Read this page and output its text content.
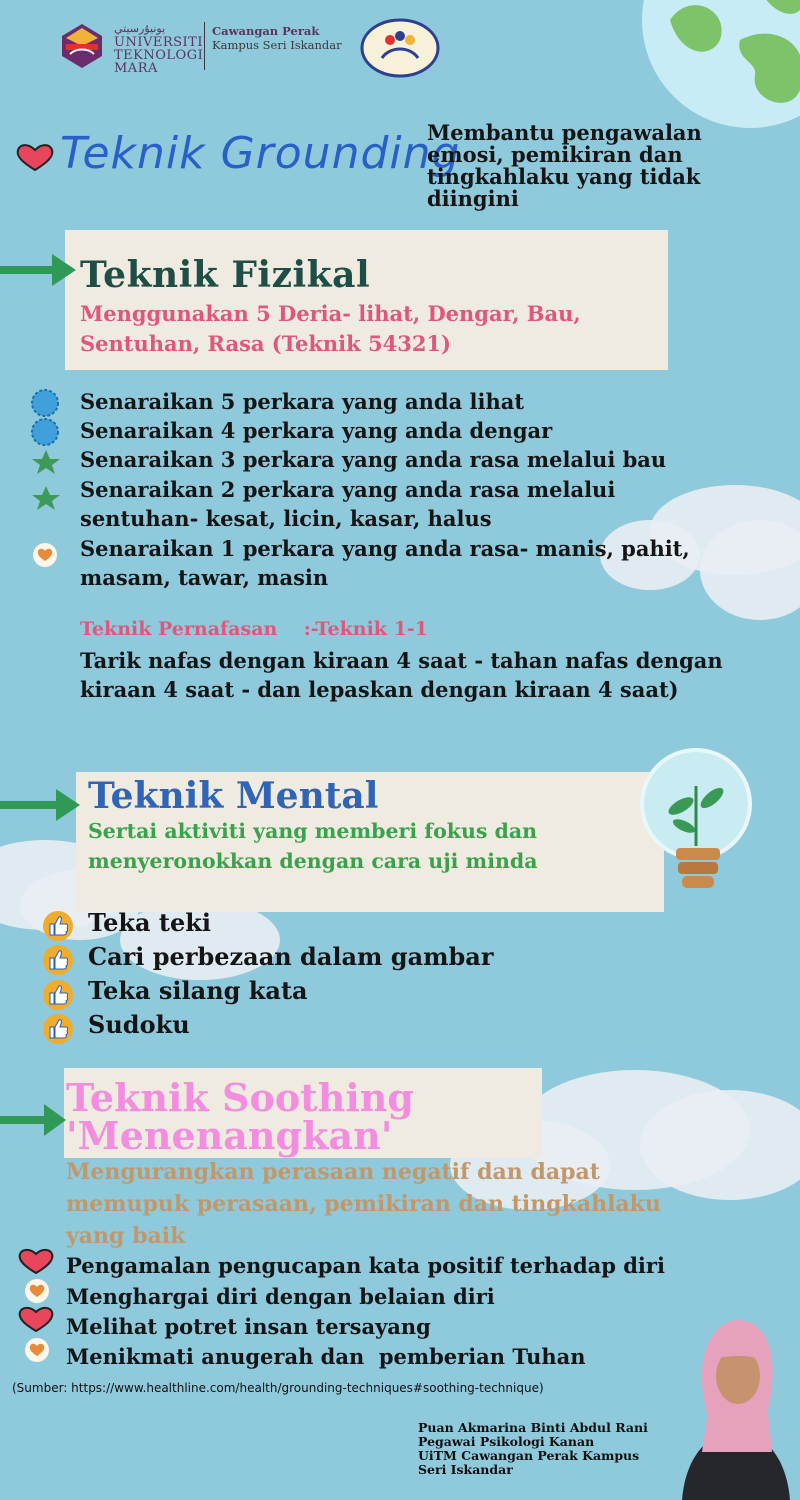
‎ﻳﻮﻧﻴﯘﺭﺳﻴﺘﻲ
UNIVERSITI
TEKNOLOGI
MARA
Cawangan Perak
Kampus Seri Iskandar
Teknik Grounding
Membantu pengawalan emosi, pemikiran dan tingkahlaku yang tidak diingini
Teknik Fizikal
Menggunakan 5 Deria- lihat, Dengar, Bau,
Sentuhan, Rasa (Teknik 54321)
Senaraikan 5 perkara yang anda lihat
Senaraikan 4 perkara yang anda dengar
Senaraikan 3 perkara yang anda rasa melalui bau
Senaraikan 2 perkara yang anda rasa melalui sentuhan- kesat, licin, kasar, halus
Senaraikan 1 perkara yang anda rasa- manis, pahit, masam, tawar, masin
Teknik Pernafasan    :-Teknik 1-1
Tarik nafas dengan kiraan 4 saat - tahan nafas dengan kiraan 4 saat - dan lepaskan dengan kiraan 4 saat)
Teknik Mental
Sertai aktiviti yang memberi fokus dan menyeronokkan dengan cara uji minda
Teka teki
Cari perbezaan dalam gambar
Teka silang kata
Sudoku
Teknik Soothing
'Menenangkan'
Mengurangkan perasaan negatif dan dapat memupuk perasaan, pemikiran dan tingkahlaku yang baik
Pengamalan pengucapan kata positif terhadap diri
Menghargai diri dengan belaian diri
Melihat potret insan tersayang
Menikmati anugerah dan  pemberian Tuhan
(Sumber: https://www.healthline.com/health/grounding-techniques#soothing-technique)
Puan Akmarina Binti Abdul Rani
Pegawai Psikologi Kanan
UiTM Cawangan Perak Kampus
Seri Iskandar
